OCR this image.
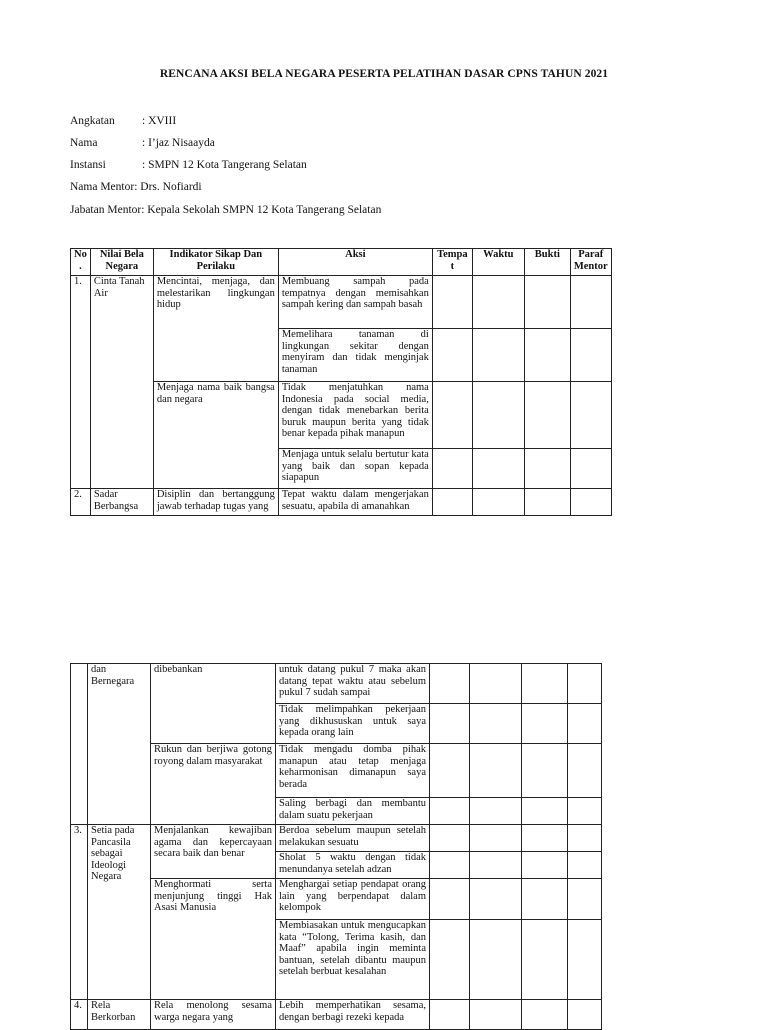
RENCANA AKSI BELA NEGARA PESERTA PELATIHAN DASAR CPNS TAHUN 2021
Angkatan : XVIII
Nama	: I’jaz Nisaayda
Instansi	: SMPN 12 Kota Tangerang Selatan
Nama Mentor: Drs. Nofiardi
Jabatan Mentor: Kepala Sekolah SMPN 12 Kota Tangerang Selatan
No .	Nilai Bela Negara	Indikator Sikap Dan Perilaku	Aksi	Tempa t	Waktu	Bukti	Paraf Mentor
1.	Cinta Tanah Air	Mencintai, menjaga, dan melestarikan lingkungan hidup	Membuang sampah pada tempatnya dengan memisahkan sampah kering dan sampah basah				
			Memelihara tanaman di lingkungan sekitar dengan menyiram dan tidak menginjak tanaman				
		Menjaga nama baik bangsa dan negara	Tidak menjatuhkan nama Indonesia pada social media, dengan tidak menebarkan berita buruk maupun berita yang tidak benar kepada pihak manapun				
			Menjaga untuk selalu bertutur kata yang baik dan sopan kepada siapapun				
2.	Sadar Berbangsa	Disiplin dan bertanggung jawab terhadap tugas yang	Tepat waktu dalam mengerjakan sesuatu, apabila di amanahkan				
	dan Bernegara	dibebankan	untuk datang pukul 7 maka akan datang tepat waktu atau sebelum pukul 7 sudah sampai				
			Tidak melimpahkan pekerjaan yang dikhususkan untuk saya kepada orang lain				
		Rukun dan berjiwa gotong royong dalam masyarakat	Tidak mengadu domba pihak manapun atau tetap menjaga keharmonisan dimanapun saya berada				
			Saling berbagi dan membantu dalam suatu pekerjaan				
3.	Setia pada Pancasila sebagai Ideologi Negara	Menjalankan kewajiban agama dan kepercayaan secara baik dan benar	Berdoa sebelum maupun setelah melakukan sesuatu				
			Sholat 5 waktu dengan tidak menundanya setelah adzan				
		Menghormati serta menjunjung tinggi Hak Asasi Manusia	Menghargai setiap pendapat orang lain yang berpendapat dalam kelompok				
			Membiasakan untuk mengucapkan kata “Tolong, Terima kasih, dan Maaf” apabila ingin meminta bantuan, setelah dibantu maupun setelah berbuat kesalahan				
4.	Rela Berkorban	Rela menolong sesama warga negara yang	Lebih memperhatikan sesama, dengan berbagi rezeki kepada				
